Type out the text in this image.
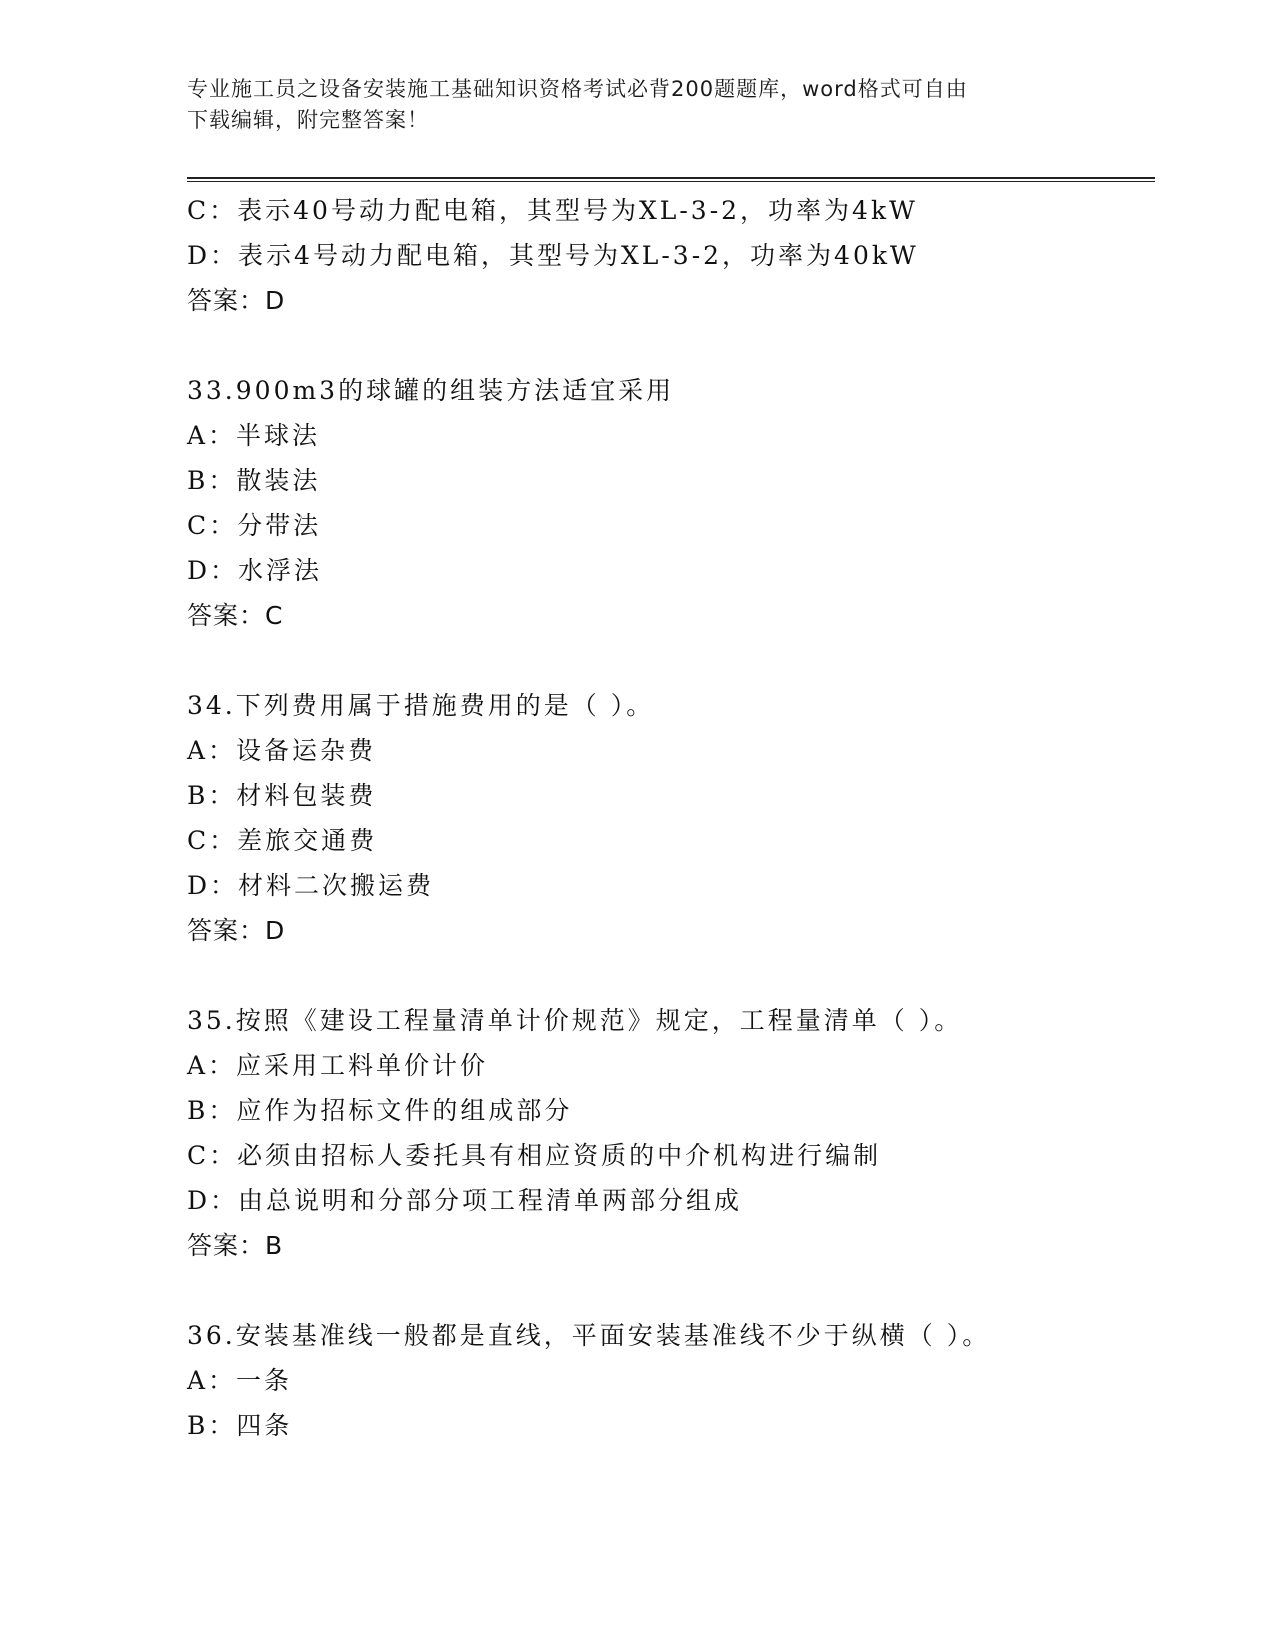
专业施工员之设备安装施工基础知识资格考试必背200题题库，word格式可自由
下载编辑，附完整答案！
C：表示40号动力配电箱，其型号为XL-3-2，功率为4kW
D：表示4号动力配电箱，其型号为XL-3-2，功率为40kW
答案：D
33.900m3的球罐的组装方法适宜采用
A：半球法
B：散装法
C：分带法
D：水浮法
答案：C
34.下列费用属于措施费用的是（ ）。
A：设备运杂费
B：材料包装费
C：差旅交通费
D：材料二次搬运费
答案：D
35.按照《建设工程量清单计价规范》规定，工程量清单（ ）。
A：应采用工料单价计价
B：应作为招标文件的组成部分
C：必须由招标人委托具有相应资质的中介机构进行编制
D：由总说明和分部分项工程清单两部分组成
答案：B
36.安装基准线一般都是直线，平面安装基准线不少于纵横（ ）。
A：一条
B：四条
